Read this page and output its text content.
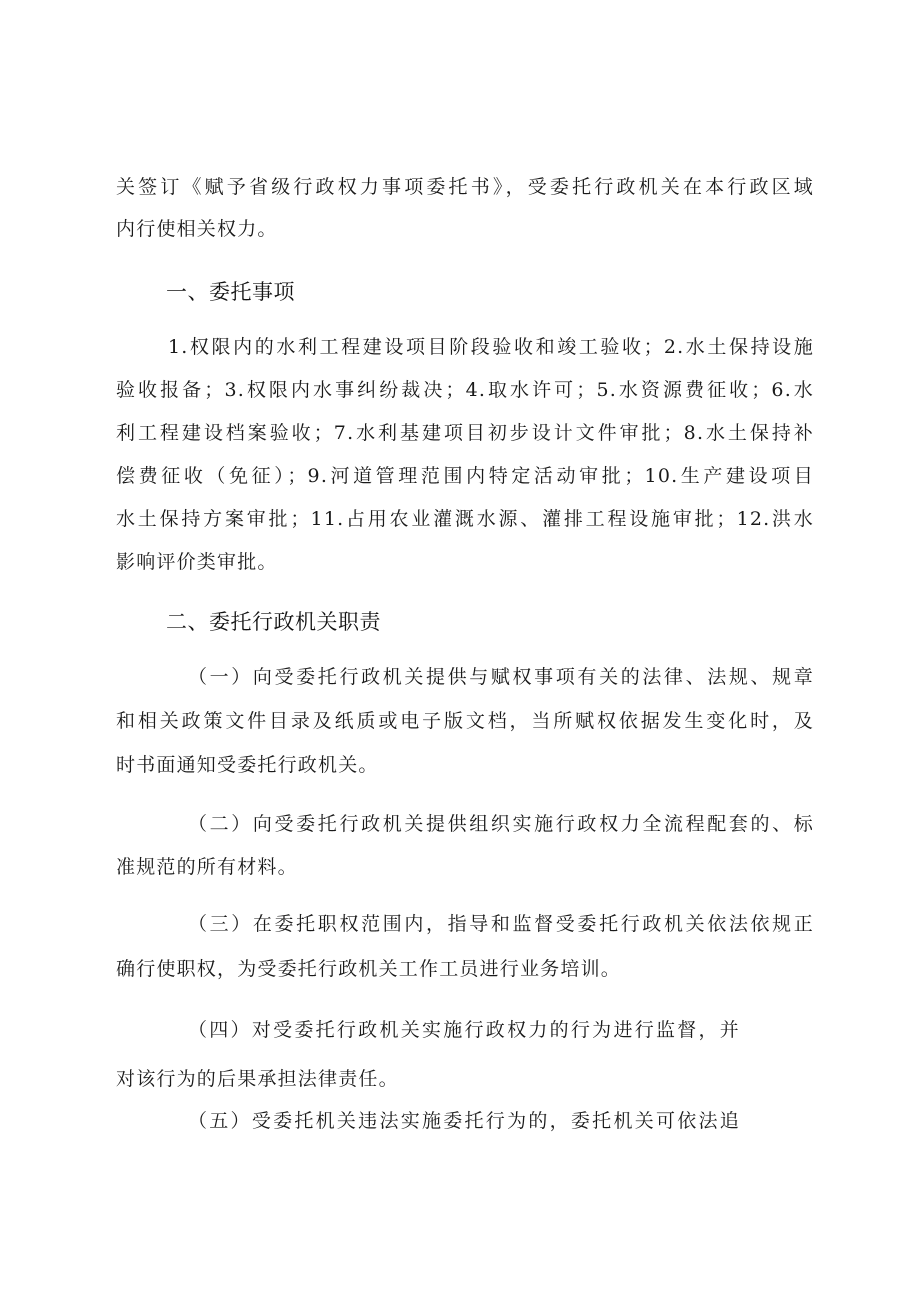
关签订《赋予省级行政权力事项委托书》，受委托行政机关在本行政区域
内行使相关权力。
一、委托事项
1.权限内的水利工程建设项目阶段验收和竣工验收；2.水土保持设施
验收报备；3.权限内水事纠纷裁决；4.取水许可；5.水资源费征收；6.水
利工程建设档案验收；7.水利基建项目初步设计文件审批；8.水土保持补
偿费征收（免征）；9.河道管理范围内特定活动审批；10.生产建设项目
水土保持方案审批；11.占用农业灌溉水源、灌排工程设施审批；12.洪水
影响评价类审批。
二、委托行政机关职责
（一）向受委托行政机关提供与赋权事项有关的法律、法规、规章
和相关政策文件目录及纸质或电子版文档，当所赋权依据发生变化时，及
时书面通知受委托行政机关。
（二）向受委托行政机关提供组织实施行政权力全流程配套的、标
准规范的所有材料。
（三）在委托职权范围内，指导和监督受委托行政机关依法依规正
确行使职权，为受委托行政机关工作工员进行业务培训。
（四）对受委托行政机关实施行政权力的行为进行监督，并
对该行为的后果承担法律责任。
（五）受委托机关违法实施委托行为的，委托机关可依法追
